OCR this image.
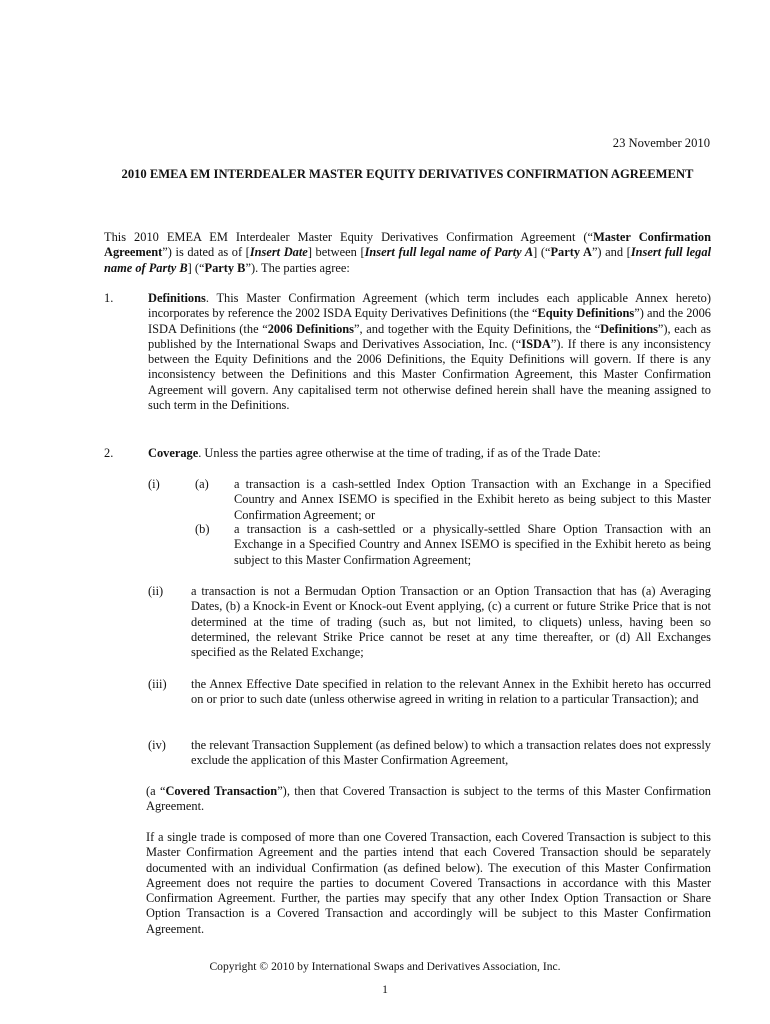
23 November 2010
2010 EMEA EM INTERDEALER MASTER EQUITY DERIVATIVES CONFIRMATION AGREEMENT

This 2010 EMEA EM Interdealer Master Equity Derivatives Confirmation Agreement (“Master Confirmation Agreement”) is dated as of [Insert Date] between [Insert full legal name of Party A] (“Party A”) and [Insert full legal name of Party B] (“Party B”). The parties agree:

1.	Definitions. This Master Confirmation Agreement (which term includes each applicable Annex hereto) incorporates by reference the 2002 ISDA Equity Derivatives Definitions (the “Equity Definitions”) and the 2006 ISDA Definitions (the “2006 Definitions”, and together with the Equity Definitions, the “Definitions”), each as published by the International Swaps and Derivatives Association, Inc. (“ISDA”). If there is any inconsistency between the Equity Definitions and the 2006 Definitions, the Equity Definitions will govern. If there is any inconsistency between the Definitions and this Master Confirmation Agreement, this Master Confirmation Agreement will govern. Any capitalised term not otherwise defined herein shall have the meaning assigned to such term in the Definitions.

2.	Coverage. Unless the parties agree otherwise at the time of trading, if as of the Trade Date:

(i)	(a) a transaction is a cash-settled Index Option Transaction with an Exchange in a Specified Country and Annex ISEMO is specified in the Exhibit hereto as being subject to this Master Confirmation Agreement; or

(b) a transaction is a cash-settled or a physically-settled Share Option Transaction with an Exchange in a Specified Country and Annex ISEMO is specified in the Exhibit hereto as being subject to this Master Confirmation Agreement;

(ii) a transaction is not a Bermudan Option Transaction or an Option Transaction that has (a) Averaging Dates, (b) a Knock-in Event or Knock-out Event applying, (c) a current or future Strike Price that is not determined at the time of trading (such as, but not limited, to cliquets) unless, having been so determined, the relevant Strike Price cannot be reset at any time thereafter, or (d) All Exchanges specified as the Related Exchange;

(iii) the Annex Effective Date specified in relation to the relevant Annex in the Exhibit hereto has occurred on or prior to such date (unless otherwise agreed in writing in relation to a particular Transaction); and

(iv) the relevant Transaction Supplement (as defined below) to which a transaction relates does not expressly exclude the application of this Master Confirmation Agreement,

(a “Covered Transaction”), then that Covered Transaction is subject to the terms of this Master Confirmation Agreement.

If a single trade is composed of more than one Covered Transaction, each Covered Transaction is subject to this Master Confirmation Agreement and the parties intend that each Covered Transaction should be separately documented with an individual Confirmation (as defined below). The execution of this Master Confirmation Agreement does not require the parties to document Covered Transactions in accordance with this Master Confirmation Agreement. Further, the parties may specify that any other Index Option Transaction or Share Option Transaction is a Covered Transaction and accordingly will be subject to this Master Confirmation Agreement.

Copyright © 2010 by International Swaps and Derivatives Association, Inc.
1
